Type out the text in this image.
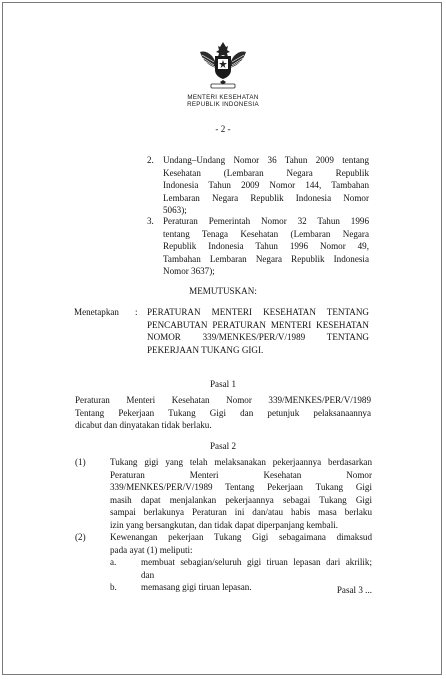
MENTERI KESEHATAN
REPUBLIK INDONESIA
- 2 -
2. Undang–Undang Nomor 36 Tahun 2009 tentang
Kesehatan (Lembaran Negara Republik
Indonesia Tahun 2009 Nomor 144, Tambahan
Lembaran Negara Republik Indonesia Nomor
5063);
3. Peraturan Pemerintah Nomor 32 Tahun 1996
tentang Tenaga Kesehatan (Lembaran Negara
Republik Indonesia Tahun 1996 Nomor 49,
Tambahan Lembaran Negara Republik Indonesia
Nomor 3637);
MEMUTUSKAN:
Menetapkan : PERATURAN MENTERI KESEHATAN TENTANG
PENCABUTAN PERATURAN MENTERI KESEHATAN
NOMOR 339/MENKES/PER/V/1989 TENTANG
PEKERJAAN TUKANG GIGI.
Pasal 1
Peraturan Menteri Kesehatan Nomor 339/MENKES/PER/V/1989
Tentang Pekerjaan Tukang Gigi dan petunjuk pelaksanaannya
dicabut dan dinyatakan tidak berlaku.
Pasal 2
(1)	Tukang gigi yang telah melaksanakan pekerjaannya berdasarkan
Peraturan Menteri Kesehatan Nomor
339/MENKES/PER/V/1989 Tentang Pekerjaan Tukang Gigi
masih dapat menjalankan pekerjaannya sebagai Tukang Gigi
sampai berlakunya Peraturan ini dan/atau habis masa berlaku
izin yang bersangkutan, dan tidak dapat diperpanjang kembali.
(2)	Kewenangan pekerjaan Tukang Gigi sebagaimana dimaksud
pada ayat (1) meliputi:
a.	membuat sebagian/seluruh gigi tiruan lepasan dari akrilik;
dan
b.	memasang gigi tiruan lepasan.	Pasal 3 ...
